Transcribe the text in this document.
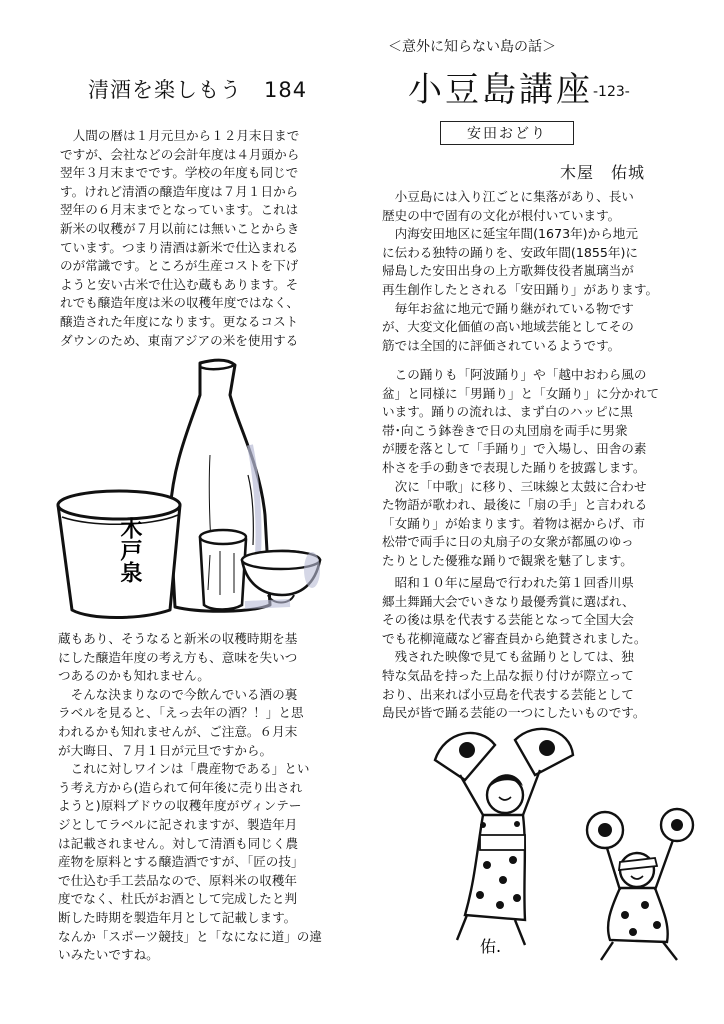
清酒を楽しもう 184

　人間の暦は１月元旦から１２月末日まで
ですが、会社などの会計年度は４月頭から
翌年３月末までです。学校の年度も同じで
す。けれど清酒の醸造年度は７月１日から
翌年の６月末までとなっています。これは
新米の収穫が７月以前には無いことからき
ています。つまり清酒は新米で仕込まれる
のが常識です。ところが生産コストを下げ
ようと安い古米で仕込む蔵もあります。そ
れでも醸造年度は米の収穫年度ではなく、
醸造された年度になります。更なるコスト
ダウンのため、東南アジアの米を使用する

木戸泉

蔵もあり、そうなると新米の収穫時期を基
にした醸造年度の考え方も、意味を失いつ
つあるのかも知れません。
　そんな決まりなので今飲んでいる酒の裏
ラベルを見ると、「えっ去年の酒？！」と思
われるかも知れませんが、ご注意。６月末
が大晦日、７月１日が元旦ですから。
　これに対しワインは「農産物である」とい
う考え方から(造られて何年後に売り出され
ようと)原料ブドウの収穫年度がヴィンテー
ジとしてラベルに記されますが、製造年月
は記載されません。対して清酒も同じく農
産物を原料とする醸造酒ですが、「匠の技」
で仕込む手工芸品なので、原料米の収穫年
度でなく、杜氏がお酒として完成したと判
断した時期を製造年月として記載します。
なんか「スポーツ競技」と「なになに道」の違
いみたいですね。

＜意外に知らない島の話＞
小豆島講座 -123-
安田おどり
木屋　佑城

　小豆島には入り江ごとに集落があり、長い
歴史の中で固有の文化が根付いています。
　内海安田地区に延宝年間(1673年)から地元
に伝わる独特の踊りを、安政年間(1855年)に
帰島した安田出身の上方歌舞伎役者嵐璃当が
再生創作したとされる「安田踊り」があります。
　毎年お盆に地元で踊り継がれている物です
が、大変文化価値の高い地域芸能としてその
筋では全国的に評価されているようです。

　この踊りも「阿波踊り」や「越中おわら風の
盆」と同様に「男踊り」と「女踊り」に分かれて
います。踊りの流れは、まず白のハッピに黒
帯･向こう鉢巻きで日の丸団扇を両手に男衆
が腰を落として「手踊り」で入場し、田舎の素
朴さを手の動きで表現した踊りを披露します。
　次に「中歌」に移り、三味線と太鼓に合わせ
た物語が歌われ、最後に「扇の手」と言われる
「女踊り」が始まります。着物は裾からげ、市
松帯で両手に日の丸扇子の女衆が都風のゆっ
たりとした優雅な踊りで観衆を魅了します。

　昭和１０年に屋島で行われた第１回香川県
郷土舞踊大会でいきなり最優秀賞に選ばれ、
その後は県を代表する芸能となって全国大会
でも花柳滝蔵など審査員から絶賛されました。
　残された映像で見ても盆踊りとしては、独
特な気品を持った上品な振り付けが際立って
おり、出来れば小豆島を代表する芸能として
島民が皆で踊る芸能の一つにしたいものです。

佑.
